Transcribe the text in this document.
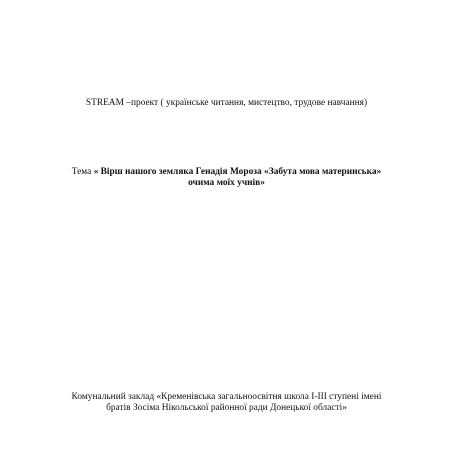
STREAM –проект ( українське читання, мистецтво, трудове навчання)
Тема « Вірш нашого земляка Генадія Мороза «Забута мова материнська»
очима моїх учнів»
Комунальний заклад «Кременівська загальноосвітня школа І-ІІІ ступені імені
братів Зосіма Нікольської районної ради Донецької області»
